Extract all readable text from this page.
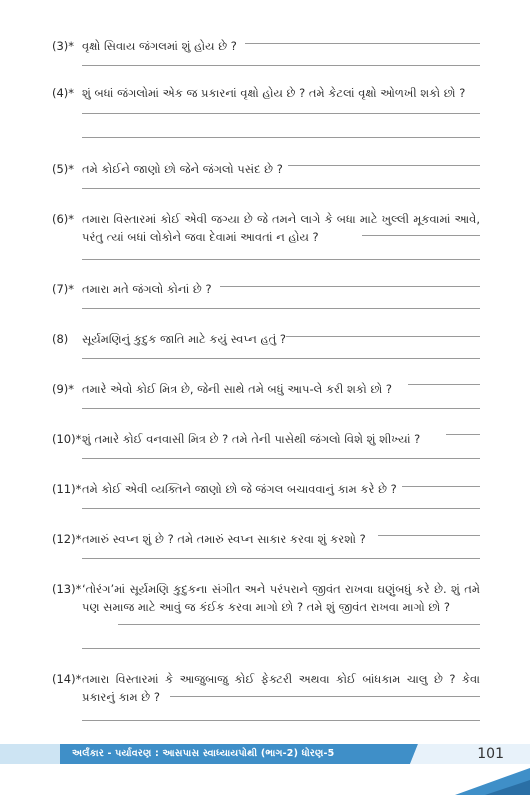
(3)* વૃક્ષો સિવાય જંગલમાં શું હોય છે ?
(4)* શું બધાં જંગલોમાં એક જ પ્રકારનાં વૃક્ષો હોય છે ? તમે કેટલાં વૃક્ષો ઓળખી શકો છો ?
(5)* તમે કોઈને જાણો છો જેને જંગલો પસંદ છે ?
(6)* તમારા વિસ્તારમાં કોઈ એવી જગ્યા છે જે તમને લાગે કે બધા માટે ખુલ્લી મૂકવામાં આવે, પરંતુ ત્યાં બધાં લોકોને જવા દેવામાં આવતાં ન હોય ?
(7)* તમારા મતે જંગલો કોનાં છે ?
(8) સૂર્યમણિનું કુદુક જાતિ માટે કયું સ્વપ્ન હતું ?
(9)* તમારે એવો કોઈ મિત્ર છે, જેની સાથે તમે બધું આપ-લે કરી શકો છો ?
(10)* શું તમારે કોઈ વનવાસી મિત્ર છે ? તમે તેની પાસેથી જંગલો વિશે શું શીખ્યાં ?
(11)* તમે કોઈ એવી વ્યક્તિને જાણો છો જે જંગલ બચાવવાનું કામ કરે છે ?
(12)* તમારું સ્વપ્ન શું છે ? તમે તમારું સ્વપ્ન સાકાર કરવા શું કરશો ?
(13)* ‘તોરંગ’માં સૂર્યમણિ કુદુકના સંગીત અને પરંપરાને જીવંત રાખવા ઘણુંબધું કરે છે. શું તમે પણ સમાજ માટે આવું જ કંઈક કરવા માગો છો ? તમે શું જીવંત રાખવા માગો છો ?
(14)* તમારા વિસ્તારમાં કે આજુબાજુ કોઈ ફેક્ટરી અથવા કોઈ બાંધકામ ચાલુ છે ? કેવા પ્રકારનું કામ છે ?
અર્લંકાર - પર્યાવરણ : આસપાસ સ્વાધ્યાયપોથી (ભાગ-2) ધોરણ-5	101
